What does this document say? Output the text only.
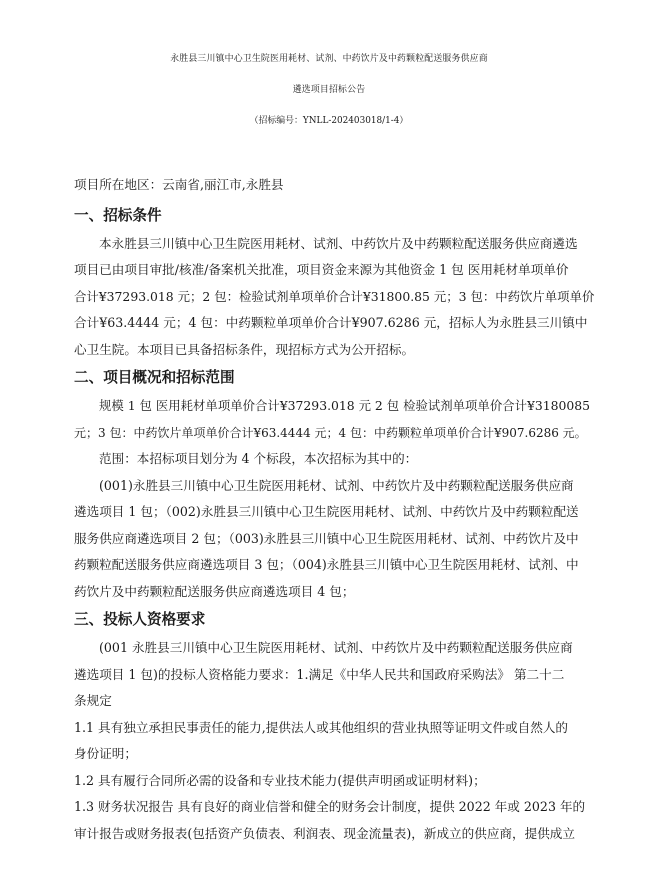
永胜县三川镇中心卫生院医用耗材、试剂、中药饮片及中药颗粒配送服务供应商
遴选项目招标公告
（招标编号：YNLL-202403018/1-4）
项目所在地区：云南省,丽江市,永胜县
一、招标条件
本永胜县三川镇中心卫生院医用耗材、试剂、中药饮片及中药颗粒配送服务供应商遴选
项目已由项目审批/核准/备案机关批准，项目资金来源为其他资金 1 包 医用耗材单项单价
合计¥37293.018 元；2 包：检验试剂单项单价合计¥31800.85 元；3 包：中药饮片单项单价
合计¥63.4444 元；4 包：中药颗粒单项单价合计¥907.6286 元，招标人为永胜县三川镇中
心卫生院。本项目已具备招标条件，现招标方式为公开招标。
二、项目概况和招标范围
规模 1 包 医用耗材单项单价合计¥37293.018 元 2 包 检验试剂单项单价合计¥3180085
元；3 包：中药饮片单项单价合计¥63.4444 元；4 包：中药颗粒单项单价合计¥907.6286 元。
范围：本招标项目划分为 4 个标段，本次招标为其中的：
(001)永胜县三川镇中心卫生院医用耗材、试剂、中药饮片及中药颗粒配送服务供应商
遴选项目 1 包；（002)永胜县三川镇中心卫生院医用耗材、试剂、中药饮片及中药颗粒配送
服务供应商遴选项目 2 包；（003)永胜县三川镇中心卫生院医用耗材、试剂、中药饮片及中
药颗粒配送服务供应商遴选项目 3 包；（004)永胜县三川镇中心卫生院医用耗材、试剂、中
药饮片及中药颗粒配送服务供应商遴选项目 4 包；
三、投标人资格要求
(001 永胜县三川镇中心卫生院医用耗材、试剂、中药饮片及中药颗粒配送服务供应商
遴选项目 1 包)的投标人资格能力要求：1.满足《中华人民共和国政府采购法》 第二十二
条规定
1.1 具有独立承担民事责任的能力,提供法人或其他组织的营业执照等证明文件或自然人的
身份证明；
1.2 具有履行合同所必需的设备和专业技术能力(提供声明函或证明材料)；
1.3 财务状况报告 具有良好的商业信誉和健全的财务会计制度，提供 2022 年或 2023 年的
审计报告或财务报表(包括资产负债表、利润表、现金流量表)，新成立的供应商，提供成立
